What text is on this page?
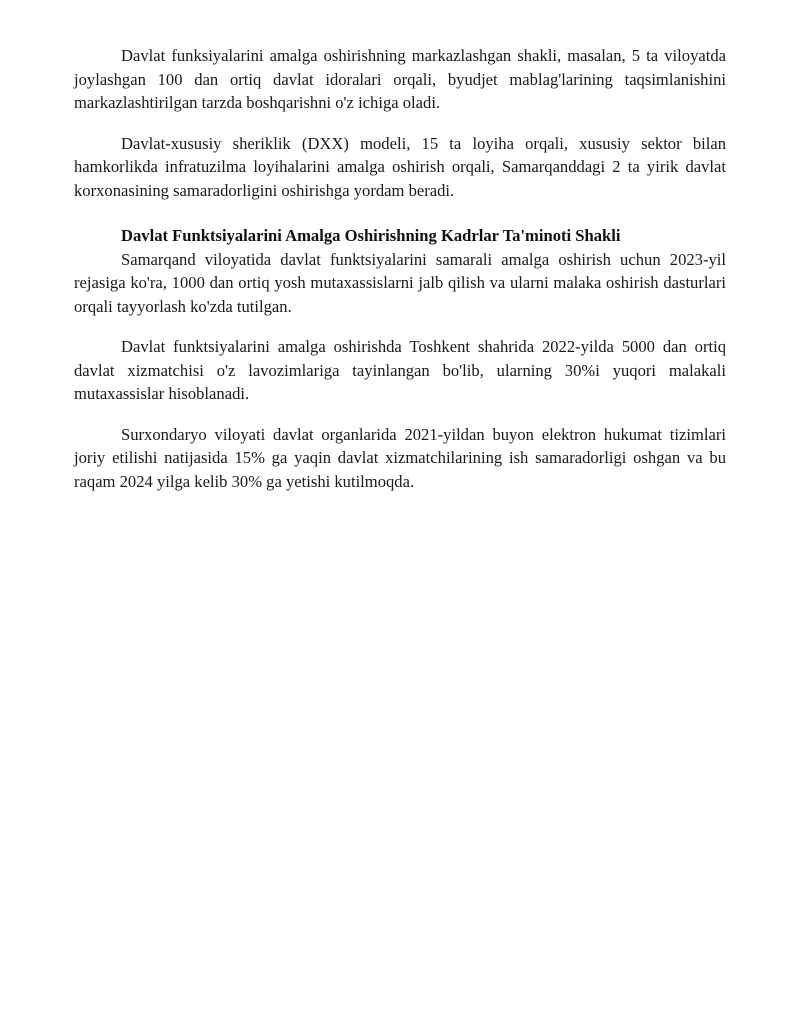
Davlat funksiyalarini amalga oshirishning markazlashgan shakli, masalan, 5 ta viloyatda joylashgan 100 dan ortiq davlat idoralari orqali, byudjet mablag'larining taqsimlanishini markazlashtirilgan tarzda boshqarishni o'z ichiga oladi.

Davlat-xususiy sheriklik (DXX) modeli, 15 ta loyiha orqali, xususiy sektor bilan hamkorlikda infratuzilma loyihalarini amalga oshirish orqali, Samarqanddagi 2 ta yirik davlat korxonasining samaradorligini oshirishga yordam beradi.

Davlat Funktsiyalarini Amalga Oshirishning Kadrlar Ta'minoti Shakli

Samarqand viloyatida davlat funktsiyalarini samarali amalga oshirish uchun 2023-yil rejasiga ko'ra, 1000 dan ortiq yosh mutaxassislarni jalb qilish va ularni malaka oshirish dasturlari orqali tayyorlash ko'zda tutilgan.

Davlat funktsiyalarini amalga oshirishda Toshkent shahrida 2022-yilda 5000 dan ortiq davlat xizmatchisi o'z lavozimlariga tayinlangan bo'lib, ularning 30%i yuqori malakali mutaxassislar hisoblanadi.

Surxondaryo viloyati davlat organlarida 2021-yildan buyon elektron hukumat tizimlari joriy etilishi natijasida 15% ga yaqin davlat xizmatchilarining ish samaradorligi oshgan va bu raqam 2024 yilga kelib 30% ga yetishi kutilmoqda.
